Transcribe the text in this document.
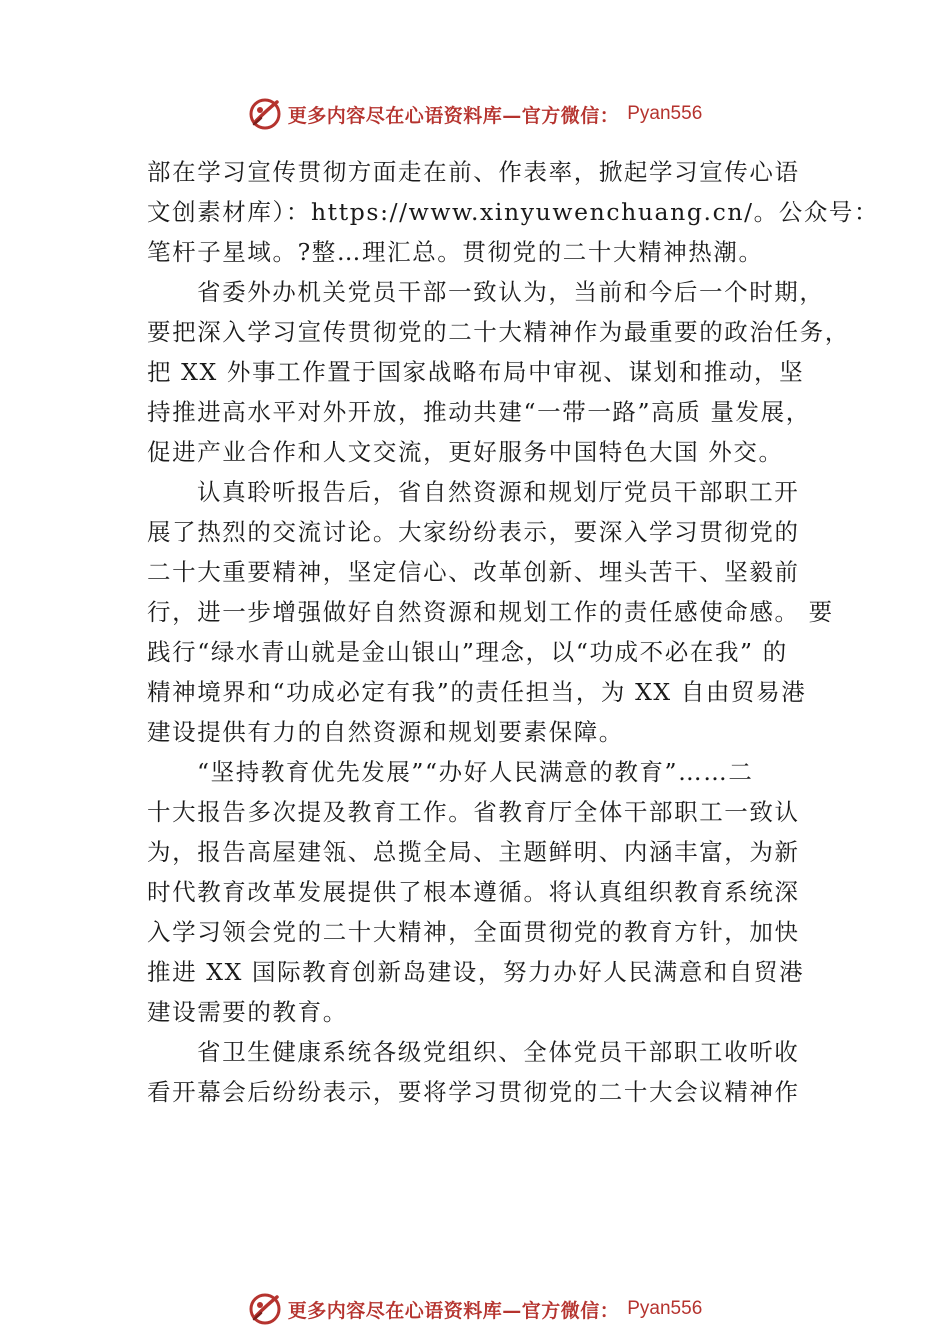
更多内容尽在心语资料库—官方微信： Pyan556
部在学习宣传贯彻方面走在前、作表率，掀起学习宣传心语
文创素材库）：https://www.xinyuwenchuang.cn/。公众号：
笔杆子星域。?整…理汇总。贯彻党的二十大精神热潮。
省委外办机关党员干部一致认为，当前和今后一个时期，
要把深入学习宣传贯彻党的二十大精神作为最重要的政治任务，
把 XX 外事工作置于国家战略布局中审视、谋划和推动，坚
持推进高水平对外开放，推动共建“一带一路”高质 量发展，
促进产业合作和人文交流，更好服务中国特色大国 外交。
认真聆听报告后，省自然资源和规划厅党员干部职工开
展了热烈的交流讨论。大家纷纷表示，要深入学习贯彻党的
二十大重要精神，坚定信心、改革创新、埋头苦干、坚毅前
行，进一步增强做好自然资源和规划工作的责任感使命感。 要
践行“绿水青山就是金山银山”理念，以“功成不必在我” 的
精神境界和“功成必定有我”的责任担当，为 XX 自由贸易港
建设提供有力的自然资源和规划要素保障。
“坚持教育优先发展”“办好人民满意的教育”……二
十大报告多次提及教育工作。省教育厅全体干部职工一致认
为，报告高屋建瓴、总揽全局、主题鲜明、内涵丰富，为新
时代教育改革发展提供了根本遵循。将认真组织教育系统深
入学习领会党的二十大精神，全面贯彻党的教育方针，加快
推进 XX 国际教育创新岛建设，努力办好人民满意和自贸港
建设需要的教育。
省卫生健康系统各级党组织、全体党员干部职工收听收
看开幕会后纷纷表示，要将学习贯彻党的二十大会议精神作
更多内容尽在心语资料库—官方微信： Pyan556
